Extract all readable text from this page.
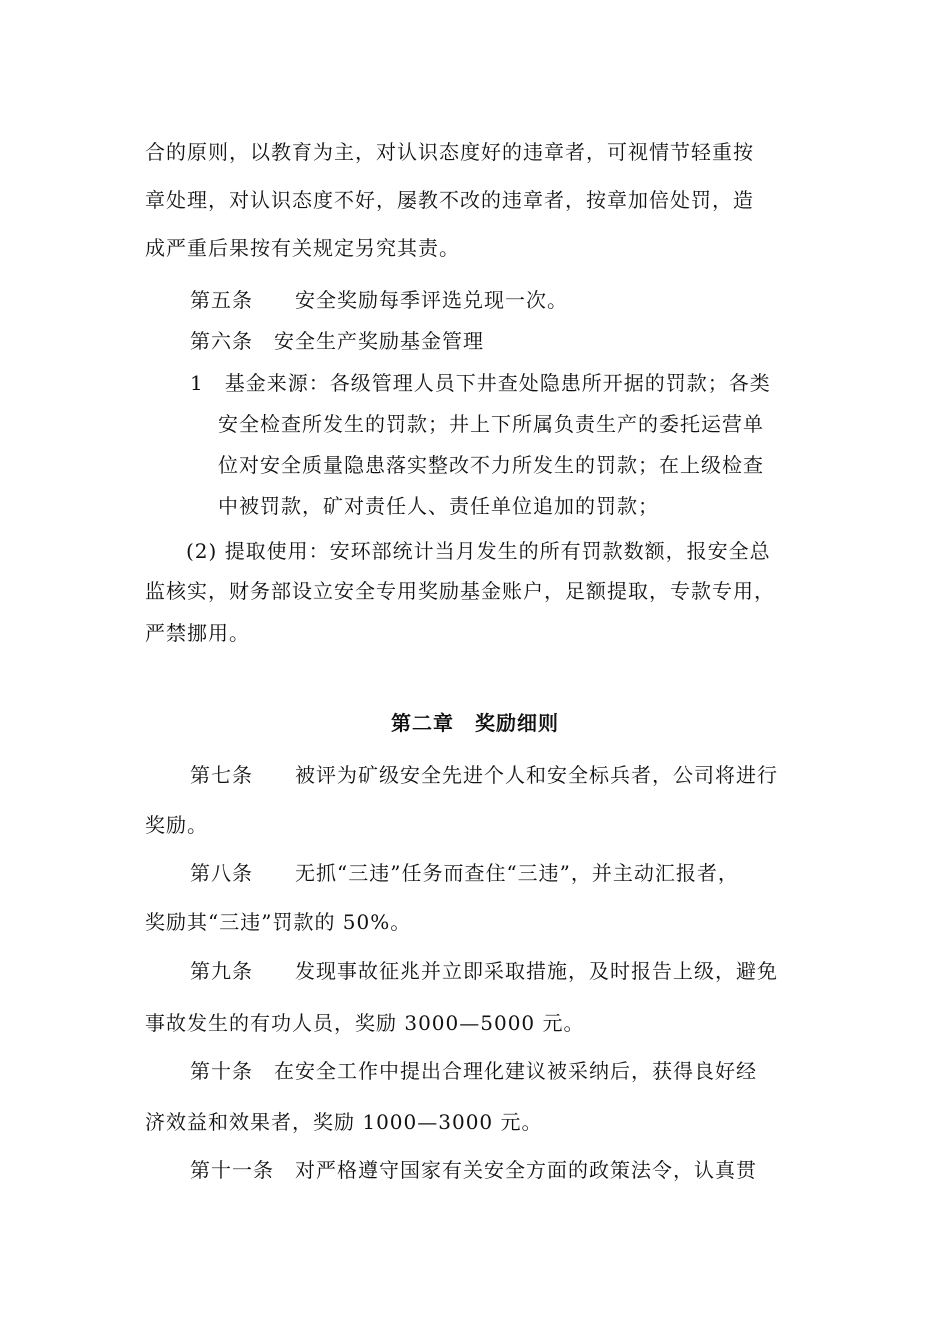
合的原则，以教育为主，对认识态度好的违章者，可视情节轻重按
章处理，对认识态度不好，屡教不改的违章者，按章加倍处罚，造
成严重后果按有关规定另究其责。
第五条　　安全奖励每季评选兑现一次。
第六条　安全生产奖励基金管理
1　基金来源：各级管理人员下井查处隐患所开据的罚款；各类
安全检查所发生的罚款；井上下所属负责生产的委托运营单
位对安全质量隐患落实整改不力所发生的罚款；在上级检查
中被罚款，矿对责任人、责任单位追加的罚款；
(2) 提取使用：安环部统计当月发生的所有罚款数额，报安全总
监核实，财务部设立安全专用奖励基金账户，足额提取，专款专用，
严禁挪用。
第二章　奖励细则
第七条　　被评为矿级安全先进个人和安全标兵者，公司将进行
奖励。
第八条　　无抓“三违”任务而查住“三违”，并主动汇报者，
奖励其“三违”罚款的 50%。
第九条　　发现事故征兆并立即采取措施，及时报告上级，避免
事故发生的有功人员，奖励 3000—5000 元。
第十条　在安全工作中提出合理化建议被采纳后，获得良好经
济效益和效果者，奖励 1000—3000 元。
第十一条　对严格遵守国家有关安全方面的政策法令，认真贯
